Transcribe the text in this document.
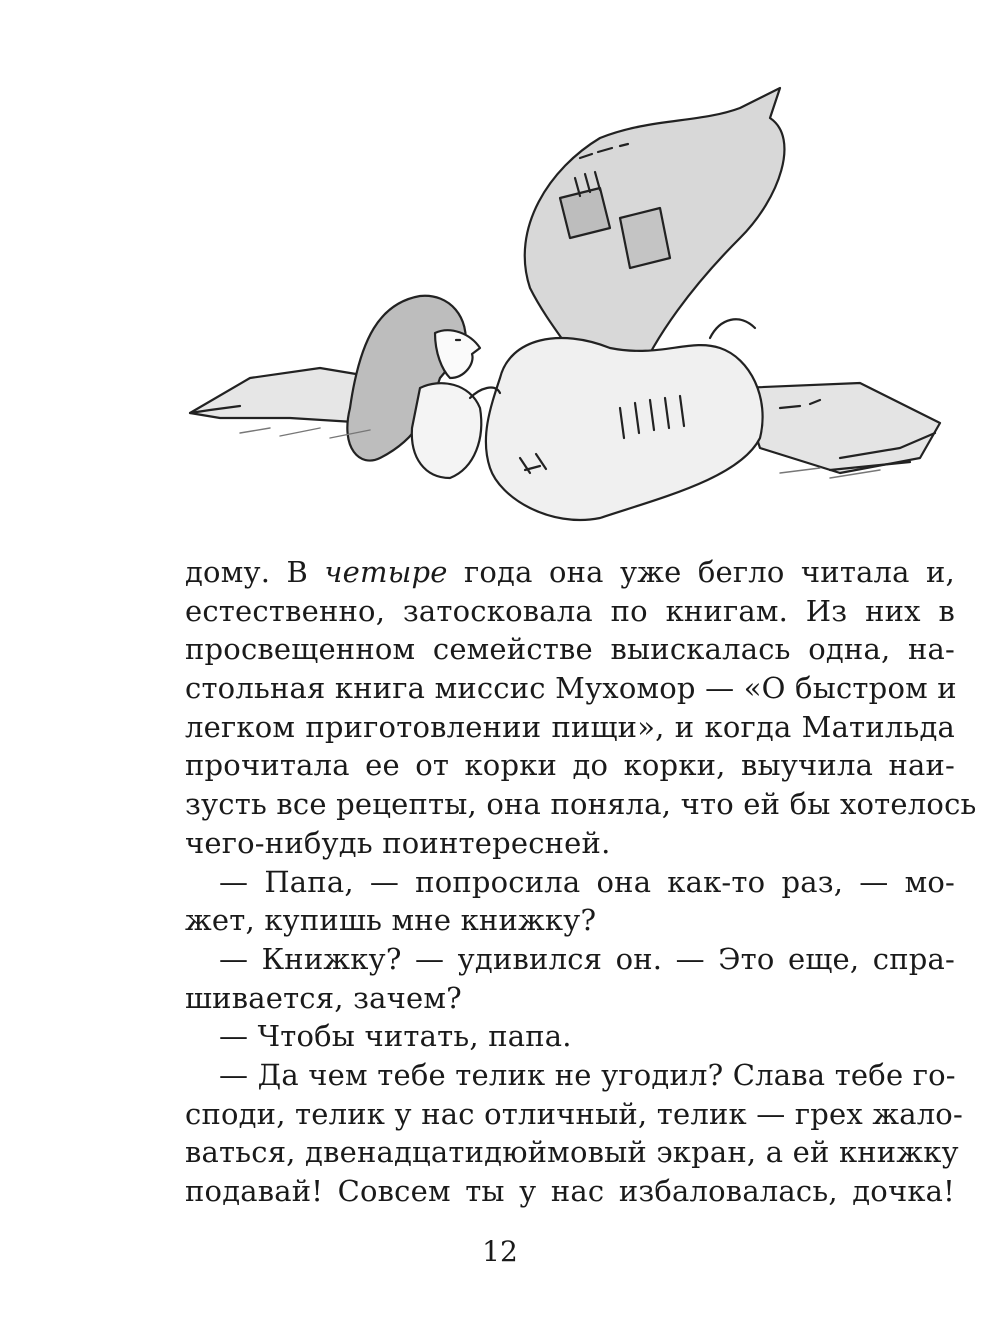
дому. В четыре года она уже бегло читала и,
естественно, затосковала по книгам. Из них в
просвещенном семействе выискалась одна, на-
стольная книга миссис Мухомор — «О быстром и
легком приготовлении пищи», и когда Матильда
прочитала ее от корки до корки, выучила наи-
зусть все рецепты, она поняла, что ей бы хотелось
чего-нибудь поинтересней.
— Папа, — попросила она как-то раз, — мо-
жет, купишь мне книжку?
— Книжку? — удивился он. — Это еще, спра-
шивается, зачем?
— Чтобы читать, папа.
— Да чем тебе телик не угодил? Слава тебе го-
споди, телик у нас отличный, телик — грех жало-
ваться, двенадцатидюймовый экран, а ей книжку
подавай! Совсем ты у нас избаловалась, дочка!
12
